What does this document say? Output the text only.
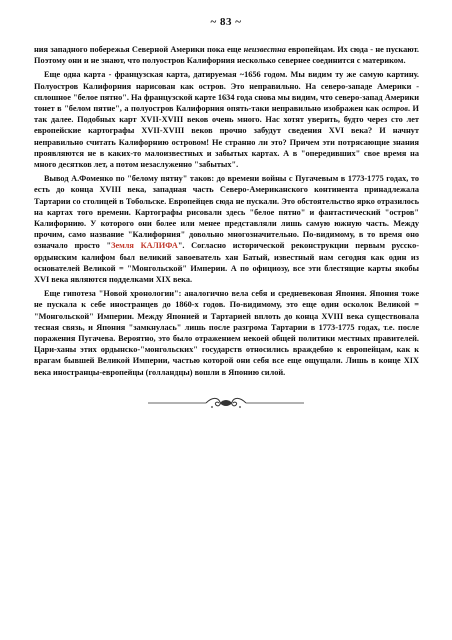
~ 83 ~

ния западного побережья Северной Америки пока еще неизвестна европейцам. Их сюда - не пускают. Поэтому они и не знают, что полуостров Калифорния несколько севернее соединится с материком.

Еще одна карта - французская карта, датируемая ~1656 годом. Мы видим ту же самую картину. Полуостров Калифорния нарисован как остров. Это неправильно. На северо-западе Америки - сплошное "белое пятно". На французской карте 1634 года снова мы видим, что северо-запад Америки тонет в "белом пятне", а полуостров Калифорния опять-таки неправильно изображен как остров. И так далее. Подобных карт XVII-XVIII веков очень много. Нас хотят уверить, будто через сто лет европейские картографы XVII-XVIII веков прочно забудут сведения XVI века? И начнут неправильно считать Калифорнию островом! Не странно ли это? Причем эти потрясающие знания проявляются не в каких-то малоизвестных и забытых картах. А в "опередивших" свое время на много десятков лет, а потом незаслуженно "забытых".

Вывод А.Фоменко по "белому пятну" таков: до времени войны с Пугачевым в 1773-1775 годах, то есть до конца XVIII века, западная часть Северо-Американского континента принадлежала Тартарии со столицей в Тобольске. Европейцев сюда не пускали. Это обстоятельство ярко отразилось на картах того времени. Картографы рисовали здесь "белое пятно" и фантастический "остров" Калифорнию. У которого они более или менее представляли лишь самую южную часть. Между прочим, само название "Калифорния" довольно многозначительно. По-видимому, в то время оно означало просто "Земля КАЛИФА". Согласно исторической реконструкции первым русско-ордынским калифом был великий завоеватель хан Батый, известный нам сегодня как один из основателей Великой = "Монгольской" Империи. А по официозу, все эти блестящие карты якобы XVI века являются подделками XIX века.

Еще гипотеза "Новой хронологии": аналогично вела себя и средневековая Япония. Япония тоже не пускала к себе иностранцев до 1860-х годов. По-видимому, это еще один осколок Великой = "Монгольской" Империи. Между Японией и Тартарией вплоть до конца XVIII века существовала тесная связь, и Япония "замкнулась" лишь после разгрома Тартарии в 1773-1775 годах, т.е. после поражения Пугачева. Вероятно, это было отражением некоей общей политики местных правителей. Цари-ханы этих ордынско-"монгольских" государств относились враждебно к европейцам, как к врагам бывшей Великой Империи, частью которой они себя все еще ощущали. Лишь в конце XIX века иностранцы-европейцы (голландцы) вошли в Японию силой.
